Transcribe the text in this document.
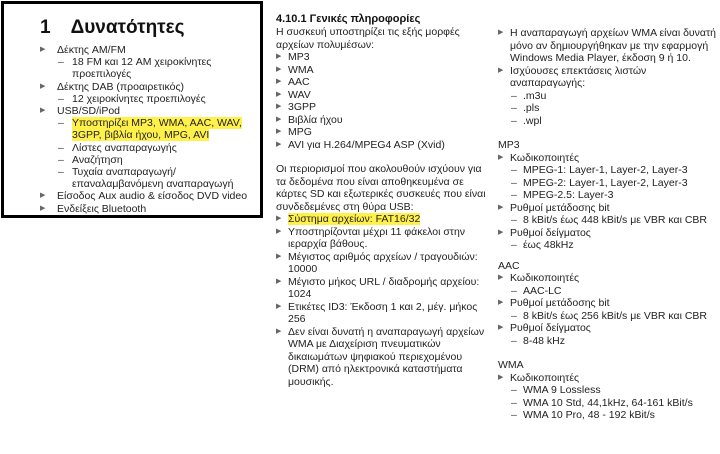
1 Δυνατότητες
▶ Δέκτης AM/FM
– 18 FM και 12 AM χειροκίνητες προεπιλογές
▶ Δέκτης DAB (προαιρετικός)
– 12 χειροκίνητες προεπιλογές
▶ USB/SD/iPod
– Υποστηρίζει MP3, WMA, AAC, WAV, 3GPP, βιβλία ήχου, MPG, AVI
– Λίστες αναπαραγωγής
– Αναζήτηση
– Τυχαία αναπαραγωγή/επαναλαμβανόμενη αναπαραγωγή
▶ Είσοδος Aux audio & είσοδος DVD video
▶ Ενδείξεις Bluetooth
4.10.1 Γενικές πληροφορίες
Η συσκευή υποστηρίζει τις εξής μορφές αρχείων πολυμέσων:
▶ MP3
▶ WMA
▶ AAC
▶ WAV
▶ 3GPP
▶ Βιβλία ήχου
▶ MPG
▶ AVI για H.264/MPEG4 ASP (Xvid)
Οι περιορισμοί που ακολουθούν ισχύουν για τα δεδομένα που είναι αποθηκευμένα σε κάρτες SD και εξωτερικές συσκευές που είναι συνδεδεμένες στη θύρα USB:
▶ Σύστημα αρχείων: FAT16/32
▶ Υποστηρίζονται μέχρι 11 φάκελοι στην ιεραρχία βάθους.
▶ Μέγιστος αριθμός αρχείων / τραγουδιών: 10000
▶ Μέγιστο μήκος URL / διαδρομής αρχείου: 1024
▶ Ετικέτες ID3: Έκδοση 1 και 2, μέγ. μήκος 256
▶ Δεν είναι δυνατή η αναπαραγωγή αρχείων WMA με Διαχείριση πνευματικών δικαιωμάτων ψηφιακού περιεχομένου (DRM) από ηλεκτρονικά καταστήματα μουσικής.
▶ Η αναπαραγωγή αρχείων WMA είναι δυνατή μόνο αν δημιουργήθηκαν με την εφαρμογή Windows Media Player, έκδοση 9 ή 10.
▶ Ισχύουσες επεκτάσεις λιστών αναπαραγωγής:
– .m3u
– .pls
– .wpl
MP3
▶ Κωδικοποιητές
– MPEG-1: Layer-1, Layer-2, Layer-3
– MPEG-2: Layer-1, Layer-2, Layer-3
– MPEG-2.5: Layer-3
▶ Ρυθμοί μετάδοσης bit
– 8 kBit/s έως 448 kBit/s με VBR και CBR
▶ Ρυθμοί δείγματος
– έως 48kHz
AAC
▶ Κωδικοποιητές
– AAC-LC
▶ Ρυθμοί μετάδοσης bit
– 8 kBit/s έως 256 kBit/s με VBR και CBR
▶ Ρυθμοί δείγματος
– 8-48 kHz
WMA
▶ Κωδικοποιητές
– WMA 9 Lossless
– WMA 10 Std, 44,1kHz, 64-161 kBit/s
– WMA 10 Pro, 48 - 192 kBit/s
